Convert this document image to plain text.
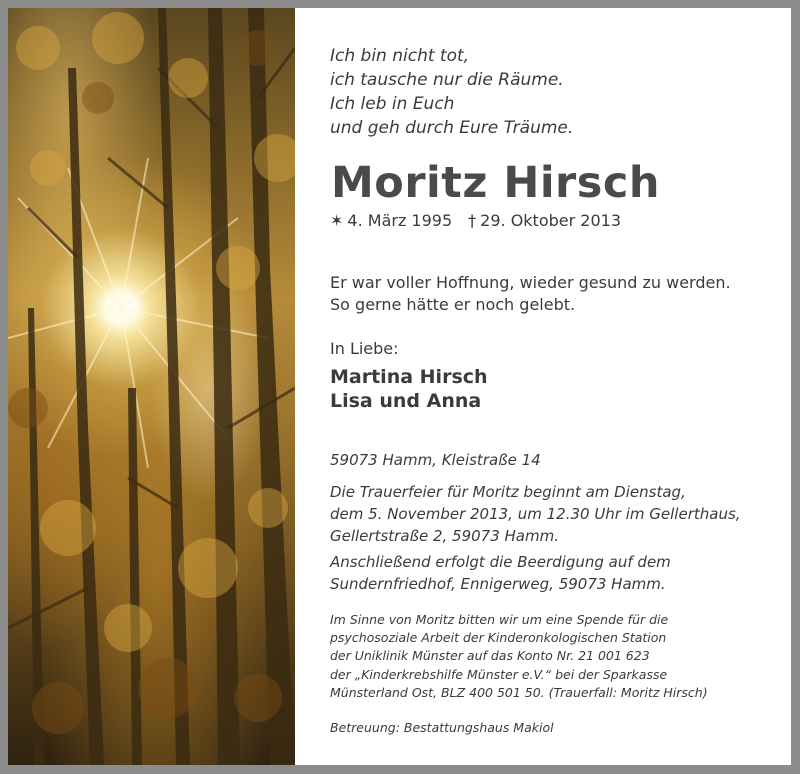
Ich bin nicht tot,
ich tausche nur die Räume.
Ich leb in Euch
und geh durch Eure Träume.
Moritz Hirsch
✶ 4. März 1995 † 29. Oktober 2013
Er war voller Hoffnung, wieder gesund zu werden.
So gerne hätte er noch gelebt.
In Liebe:
Martina Hirsch
Lisa und Anna
59073 Hamm, Kleistraße 14
Die Trauerfeier für Moritz beginnt am Dienstag,
dem 5. November 2013, um 12.30 Uhr im Gellerthaus,
Gellertstraße 2, 59073 Hamm.
Anschließend erfolgt die Beerdigung auf dem
Sundernfriedhof, Ennigerweg, 59073 Hamm.
Im Sinne von Moritz bitten wir um eine Spende für die
psychosoziale Arbeit der Kinderonkologischen Station
der Uniklinik Münster auf das Konto Nr. 21 001 623
der „Kinderkrebshilfe Münster e.V.“ bei der Sparkasse
Münsterland Ost, BLZ 400 501 50. (Trauerfall: Moritz Hirsch)
Betreuung: Bestattungshaus Makiol
